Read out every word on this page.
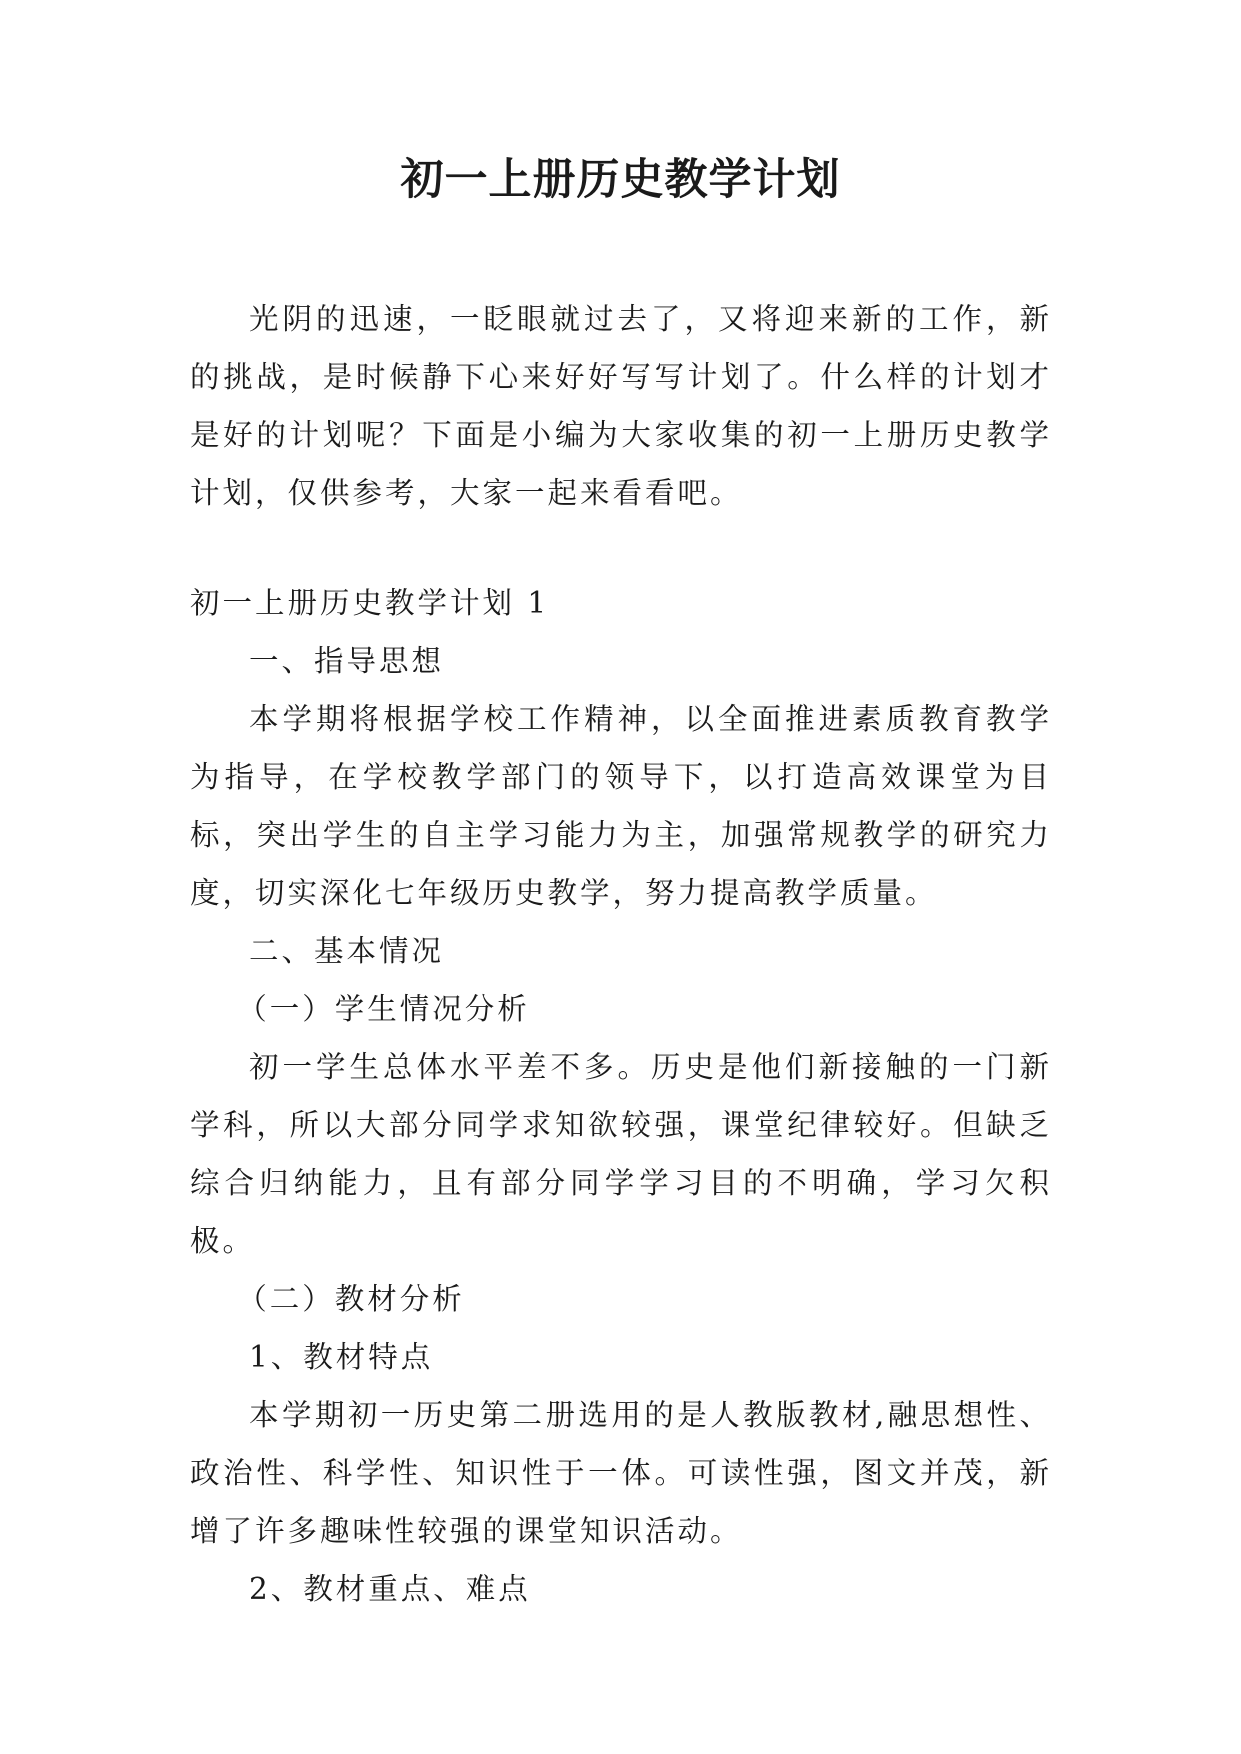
初一上册历史教学计划

光阴的迅速，一眨眼就过去了，又将迎来新的工作，新的挑战，是时候静下心来好好写写计划了。什么样的计划才是好的计划呢？下面是小编为大家收集的初一上册历史教学计划，仅供参考，大家一起来看看吧。

初一上册历史教学计划 1

一、指导思想

本学期将根据学校工作精神，以全面推进素质教育教学为指导，在学校教学部门的领导下，以打造高效课堂为目标，突出学生的自主学习能力为主，加强常规教学的研究力度，切实深化七年级历史教学，努力提高教学质量。

二、基本情况

（一）学生情况分析

初一学生总体水平差不多。历史是他们新接触的一门新学科，所以大部分同学求知欲较强，课堂纪律较好。但缺乏综合归纳能力，且有部分同学学习目的不明确，学习欠积极。

（二）教材分析

1、教材特点

本学期初一历史第二册选用的是人教版教材,融思想性、政治性、科学性、知识性于一体。可读性强，图文并茂，新增了许多趣味性较强的课堂知识活动。

2、教材重点、难点
